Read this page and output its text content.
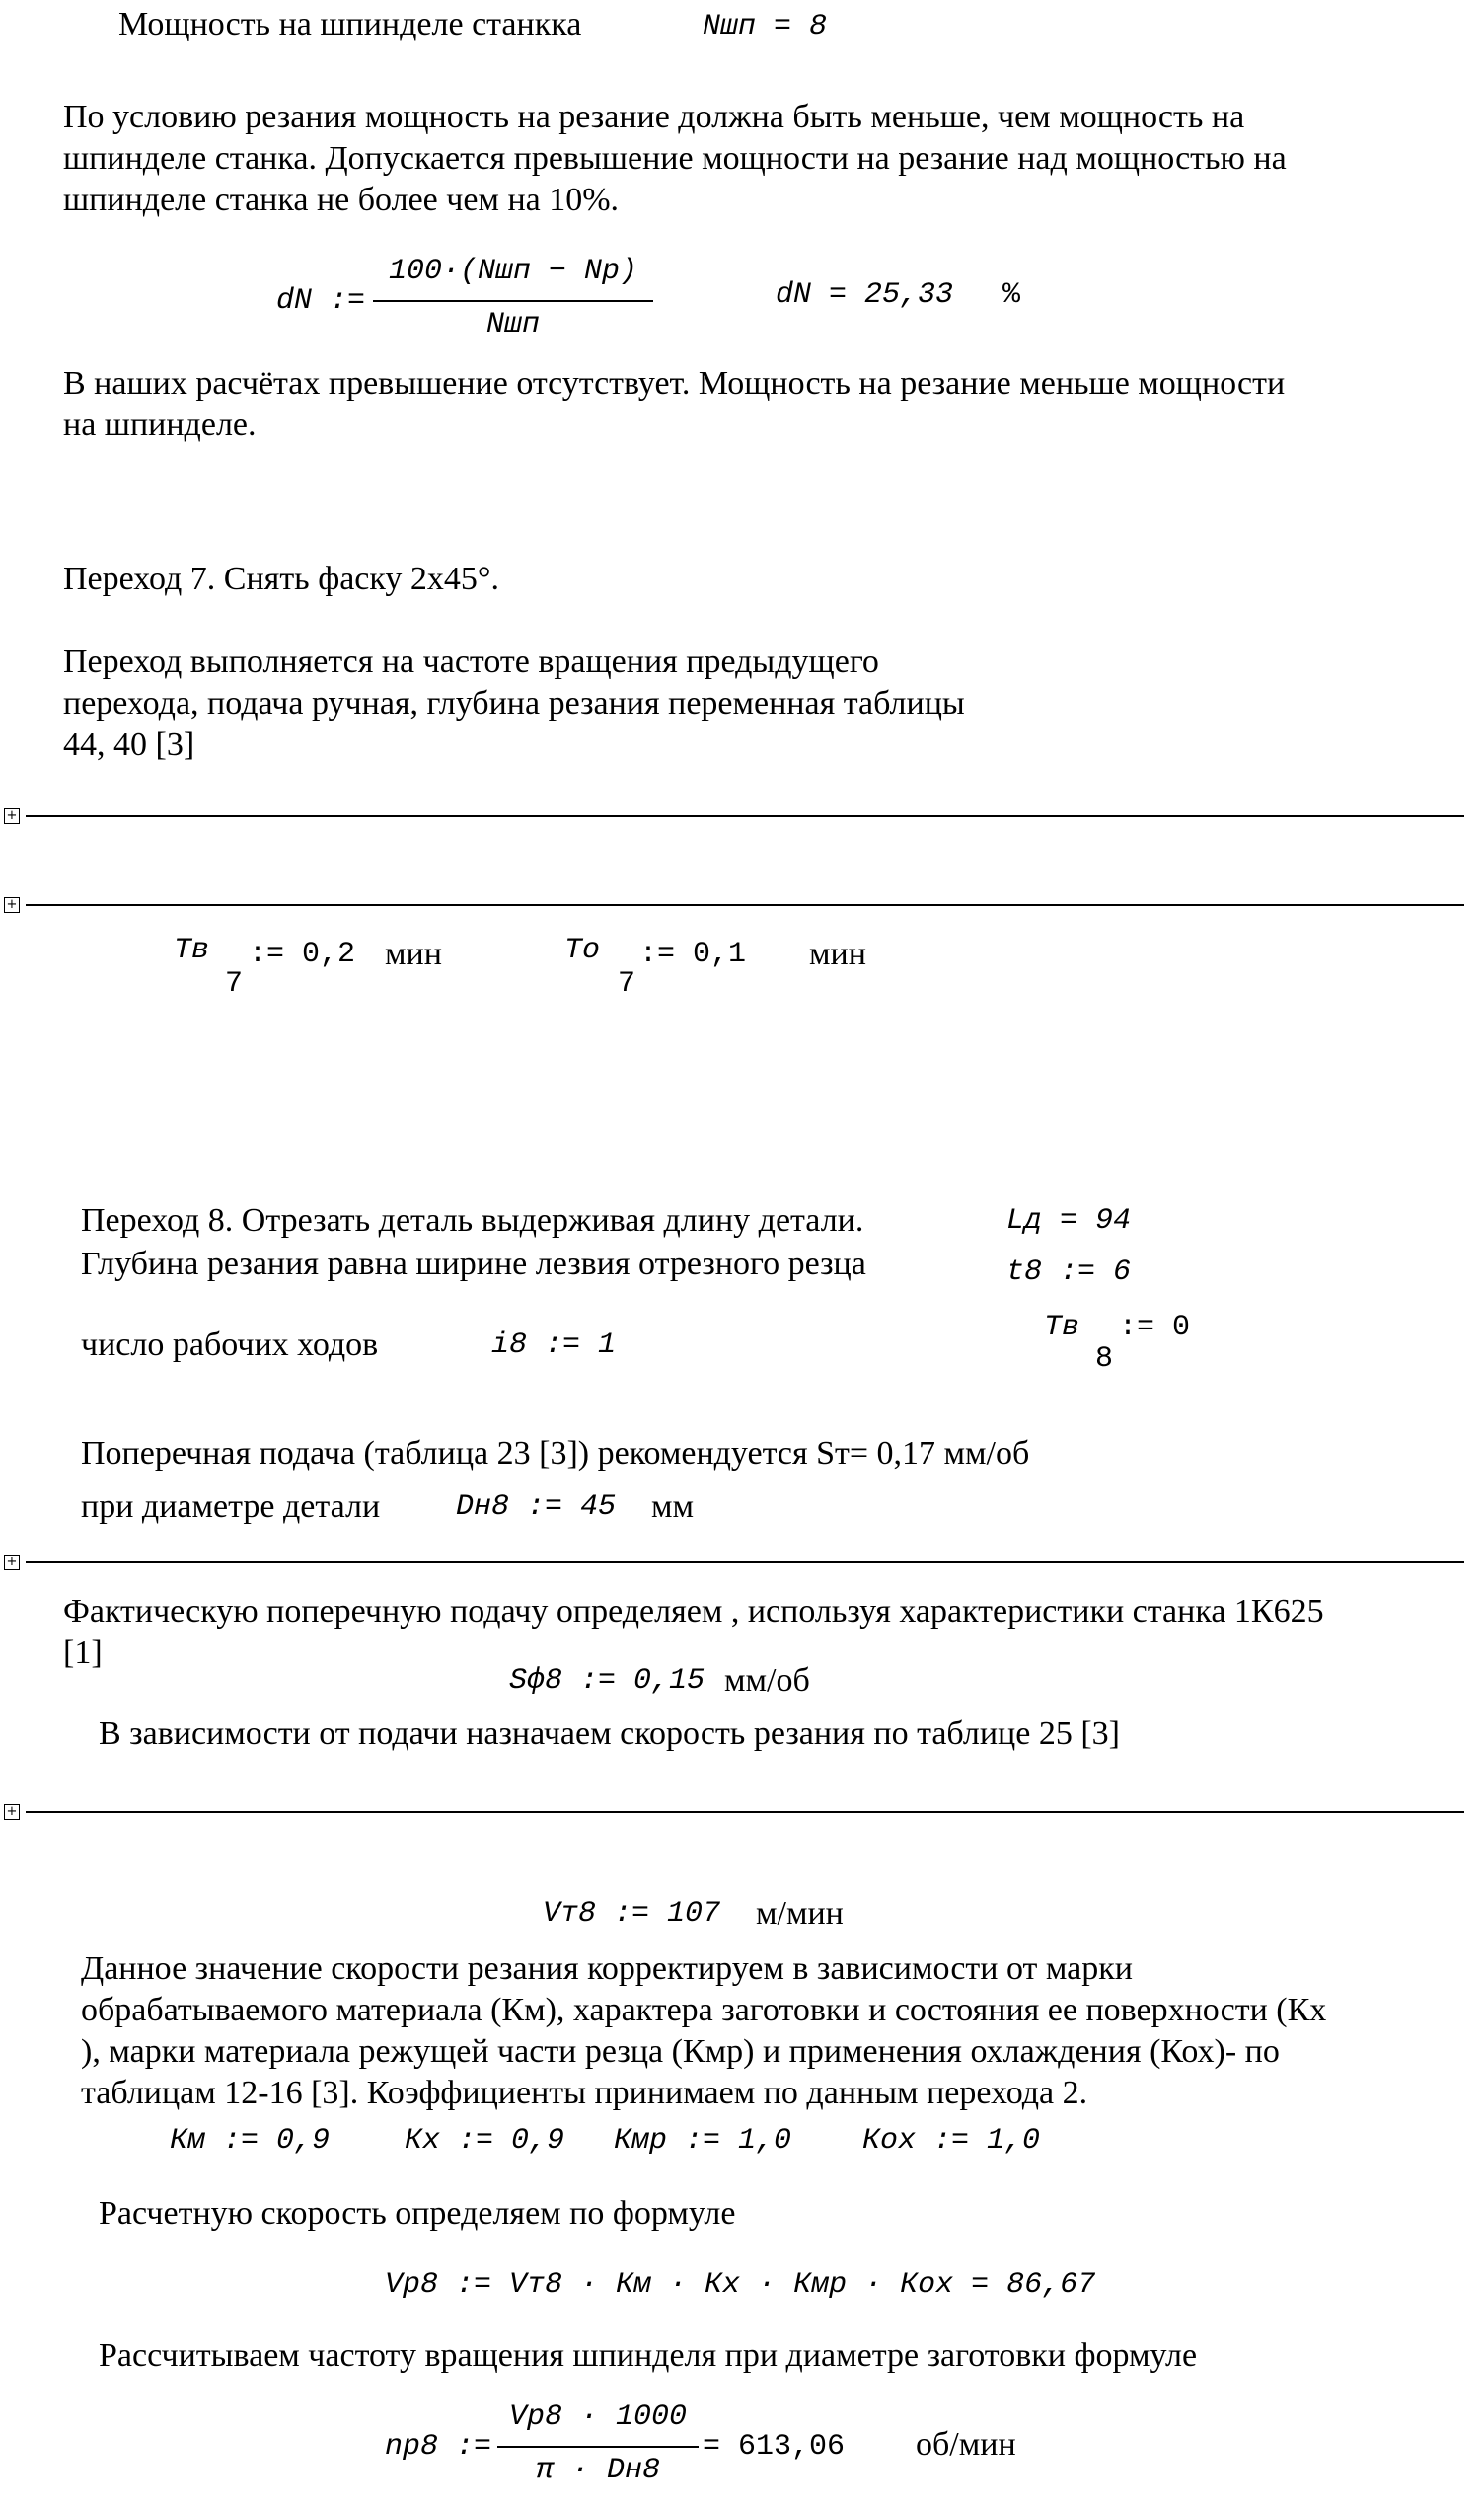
Мощность на шпинделе станкка	Nшп = 8
По условию резания мощность на резание должна быть меньше, чем мощность на
шпинделе станка. Допускается превышение мощности на резание над мощностью на
шпинделе станка не более чем на 10%.
dN :=
100·(Nшп − Np)
Nшп
dN = 25,33 %
В наших расчётах превышение отсутствует. Мощность на резание меньше мощности
на шпинделе.
Переход 7. Снять фаску 2х45°.
Переход выполняется на частоте вращения предыдущего
перехода, подача ручная, глубина резания переменная таблицы
44, 40 [3]
+
+
Тв
7
:= 0,2 мин	То
7
:= 0,1 мин
Переход 8. Отрезать деталь выдерживая длину детали.	Lд = 94
Глубина резания равна ширине лезвия отрезного резца	t8 := 6
Тв
8
:= 0
число рабочих ходов	i8 := 1
Поперечная подача (таблица 23 [3]) рекомендуется Sт= 0,17 мм/об
при диаметре детали	Dн8 := 45 мм
+
Фактическую поперечную подачу определяем , используя характеристики станка 1К625
[1]
Sф8 := 0,15 мм/об
В зависимости от подачи назначаем скорость резания по таблице 25 [3]
+
Vт8 := 107 м/мин
Данное значение скорости резания корректируем в зависимости от марки
обрабатываемого материала (Км), характера заготовки и состояния ее поверхности (Кх
), марки материала режущей части резца (Кмр) и применения охлаждения (Кох)- по
таблицам 12-16 [3]. Коэффициенты принимаем по данным перехода 2.
Км := 0,9	Кх := 0,9 Кмр := 1,0 Кох := 1,0
Расчетную скорость определяем по формуле
Vp8 := Vт8 · Км · Кх · Кмр · Кох = 86,67
Рассчитываем частоту вращения шпинделя при диаметре заготовки формуле
np8 :=
Vp8 · 1000
π · Dн8
= 613,06 об/мин
